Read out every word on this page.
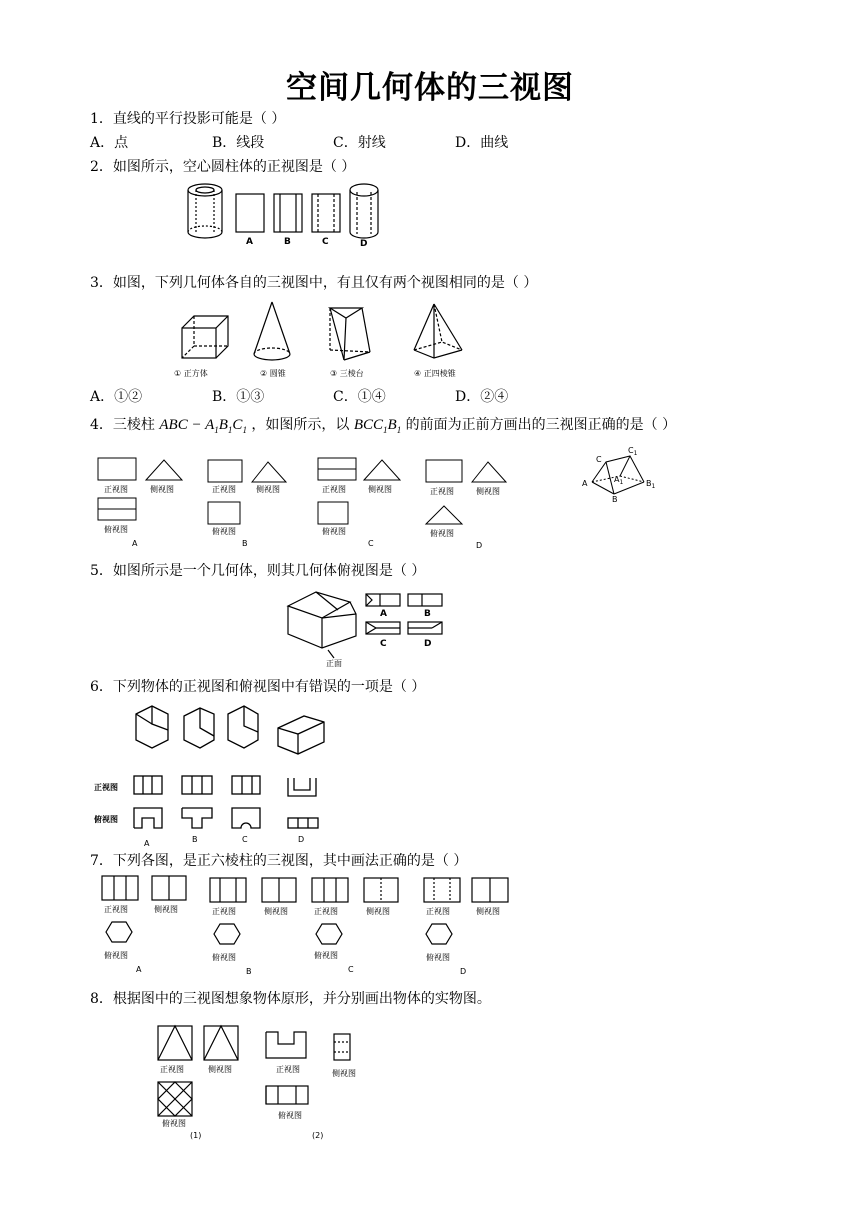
空间几何体的三视图
1．直线的平行投影可能是（ ）
A．点	B．线段	C．射线	D．曲线
2．如图所示，空心圆柱体的正视图是（ ）
A	B	C	D
3．如图，下列几何体各自的三视图中，有且仅有两个视图相同的是（ ）
① 正方体	② 圆锥	③ 三棱台	④ 正四棱锥
A．①②	B．①③	C．①④	D．②④
4．三棱柱 ABC − $A_1B_1C_1$ ，如图所示，以 $BCC_1B_1$ 的前面为正前方画出的三视图正确的是（ ）
正视图	侧视图
俯视图
A
正视图	侧视图
俯视图
B
正视图	侧视图
俯视图
C
正视图	侧视图
俯视图
D
$C_1$
C
A	$A_1$
B
$B_1$
5．如图所示是一个几何体，则其几何体俯视图是（ ）
正面
A	B
C	D
6．下列物体的正视图和俯视图中有错误的一项是（ ）
正视图
俯视图
A	B	C	D
7．下列各图，是正六棱柱的三视图，其中画法正确的是（ ）
正视图	侧视图
俯视图
A
正视图	侧视图
俯视图
B
正视图	侧视图
俯视图
C
正视图	侧视图
俯视图
D
8．根据图中的三视图想象物体原形，并分别画出物体的实物图。
正视图	侧视图
俯视图
(1)
正视图	侧视图
俯视图
(2)
